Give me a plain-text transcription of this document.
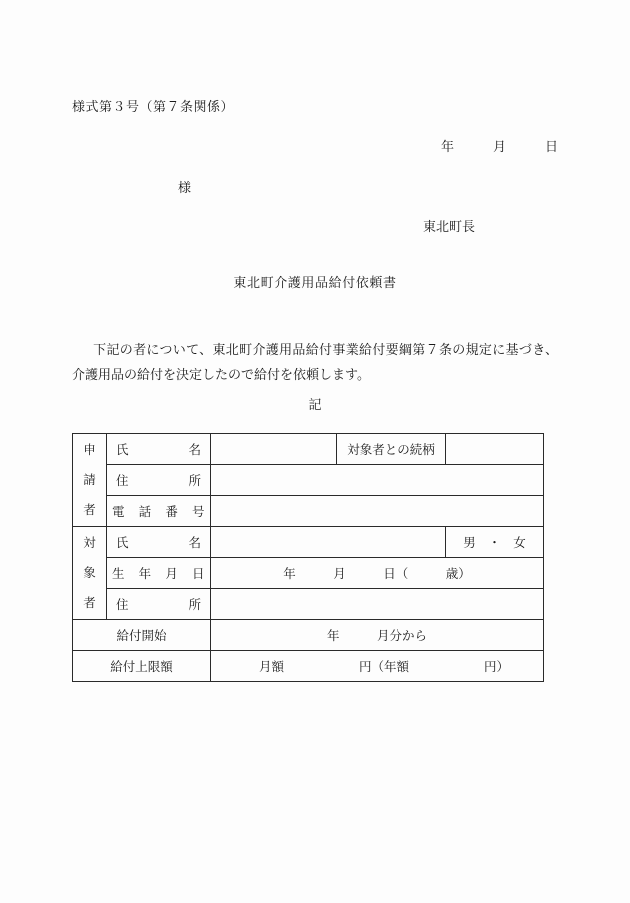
様式第３号（第７条関係）
年　　　月　　　日
様
東北町長
東北町介護用品給付依頼書
下記の者について、東北町介護用品給付事業給付要綱第７条の規定に基づき、介護用品の給付を決定したので給付を依頼します。
記
申
請
者	氏　　　名		対象者との続柄	
	住　　　所			
	電 話 番 号			

対
象
者	氏　　　名			男　・　女
	生 年 月 日	年　　　月　　　日（　　　歳）		
	住　　　所			
給付開始		年　　　月分から		
給付上限額		月額　　　　　　円（年額　　　　　　円）		
